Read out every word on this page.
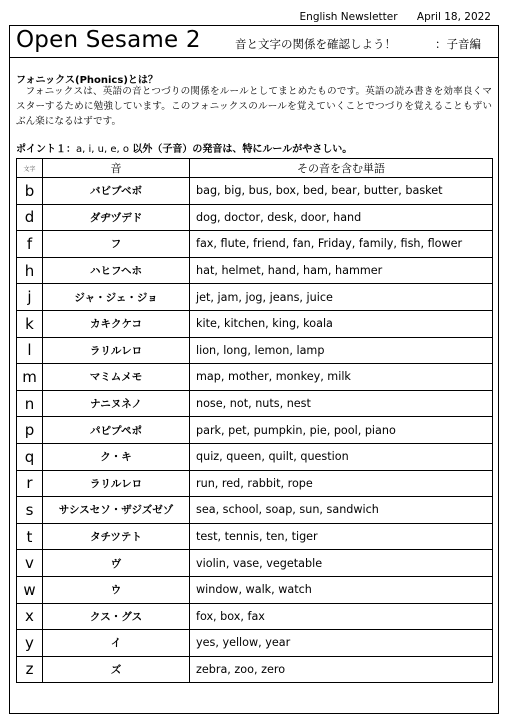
English Newsletter April 18, 2022
Open Sesame 2	音と文字の関係を確認しよう！	：子音編
フォニックス(Phonics)とは？
フォニックスは、英語の音とつづりの関係をルールとしてまとめたものです。英語の読み書きを効率良くマスターするために勉強しています。このフォニックスのルールを覚えていくことでつづりを覚えることもずいぶん楽になるはずです。
ポイント１：a, i, u, e, o 以外（子音）の発音は、特にルールがやさしい。
文字	音	その音を含む単語
b	バビブベボ	bag, big, bus, box, bed, bear, butter, basket
d	ダヂヅデド	dog, doctor, desk, door, hand
f	フ	fax, flute, friend, fan, Friday, family, fish, flower
h	ハヒフヘホ	hat, helmet, hand, ham, hammer
j	ジャ・ジェ・ジョ	jet, jam, jog, jeans, juice
k	カキクケコ	kite, kitchen, king, koala
l	ラリルレロ	lion, long, lemon, lamp
m	マミムメモ	map, mother, monkey, milk
n	ナニヌネノ	nose, not, nuts, nest
p	パピプペポ	park, pet, pumpkin, pie, pool, piano
q	ク・キ	quiz, queen, quilt, question
r	ラリルレロ	run, red, rabbit, rope
s	サシスセソ・ザジズゼゾ	sea, school, soap, sun, sandwich
t	タチツテト	test, tennis, ten, tiger
v	ヴ	violin, vase, vegetable
w	ウ	window, walk, watch
x	クス・グス	fox, box, fax
y	イ	yes, yellow, year
z	ズ	zebra, zoo, zero
